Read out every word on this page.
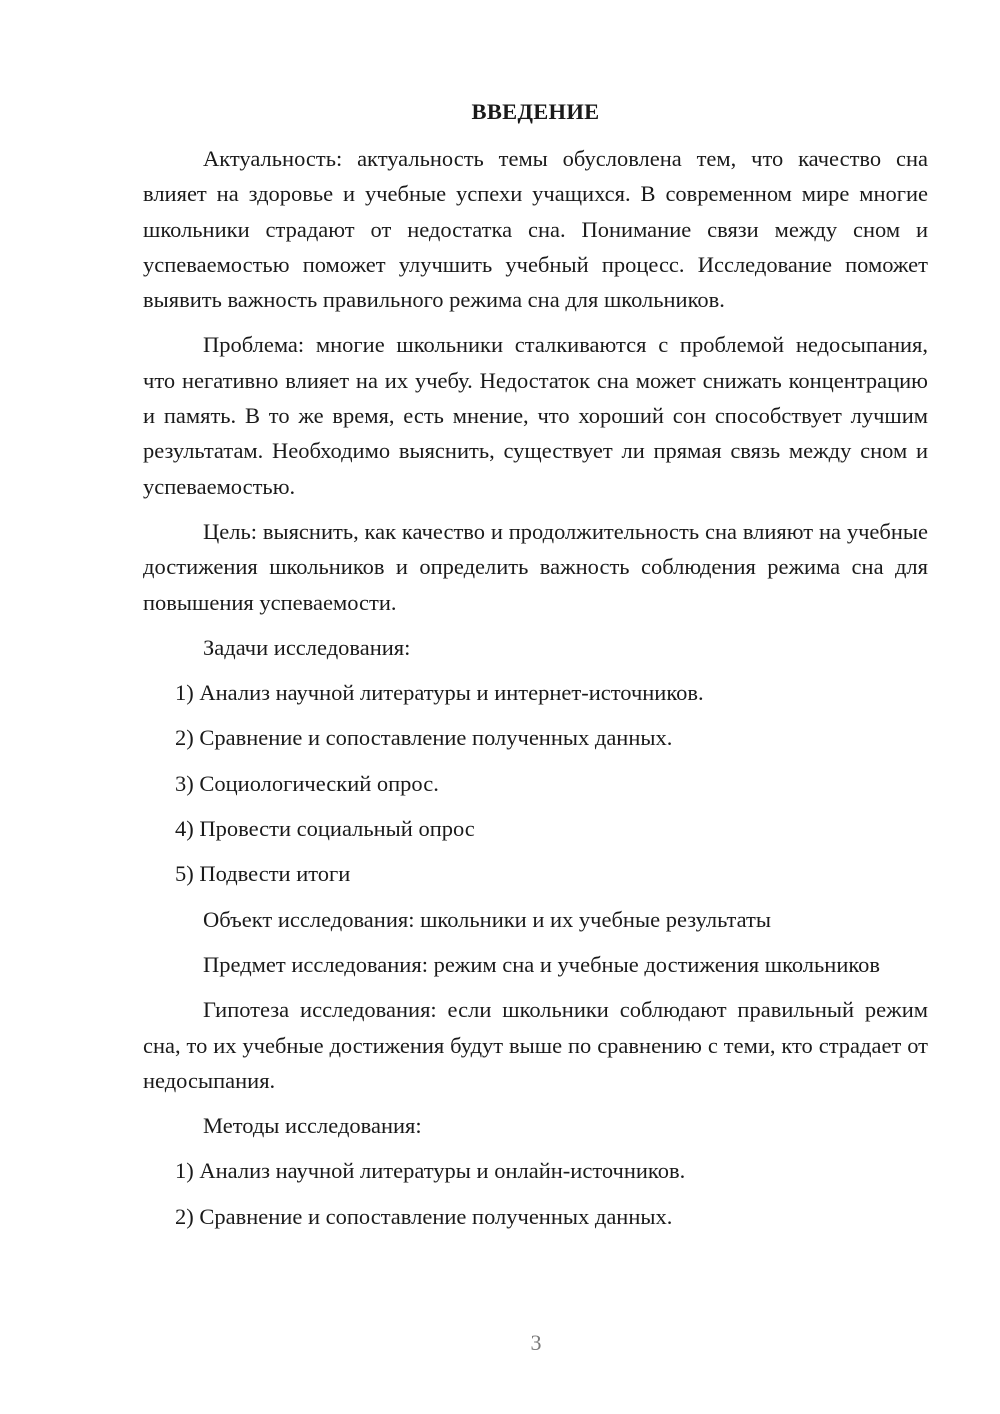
ВВЕДЕНИЕ

Актуальность: актуальность темы обусловлена тем, что качество сна влияет на здоровье и учебные успехи учащихся. В современном мире многие школьники страдают от недостатка сна. Понимание связи между сном и успеваемостью поможет улучшить учебный процесс. Исследование поможет выявить важность правильного режима сна для школьников.

Проблема: многие школьники сталкиваются с проблемой недосыпания, что негативно влияет на их учебу. Недостаток сна может снижать концентрацию и память. В то же время, есть мнение, что хороший сон способствует лучшим результатам. Необходимо выяснить, существует ли прямая связь между сном и успеваемостью.

Цель: выяснить, как качество и продолжительность сна влияют на учебные достижения школьников и определить важность соблюдения режима сна для повышения успеваемости.

Задачи исследования:
1) Анализ научной литературы и интернет-источников.
2) Сравнение и сопоставление полученных данных.
3) Социологический опрос.
4) Провести социальный опрос
5) Подвести итоги
Объект исследования: школьники и их учебные результаты

Предмет исследования: режим сна и учебные достижения школьников

Гипотеза исследования: если школьники соблюдают правильный режим сна, то их учебные достижения будут выше по сравнению с теми, кто страдает от недосыпания.

Методы исследования:
1) Анализ научной литературы и онлайн-источников.
2) Сравнение и сопоставление полученных данных.
3
